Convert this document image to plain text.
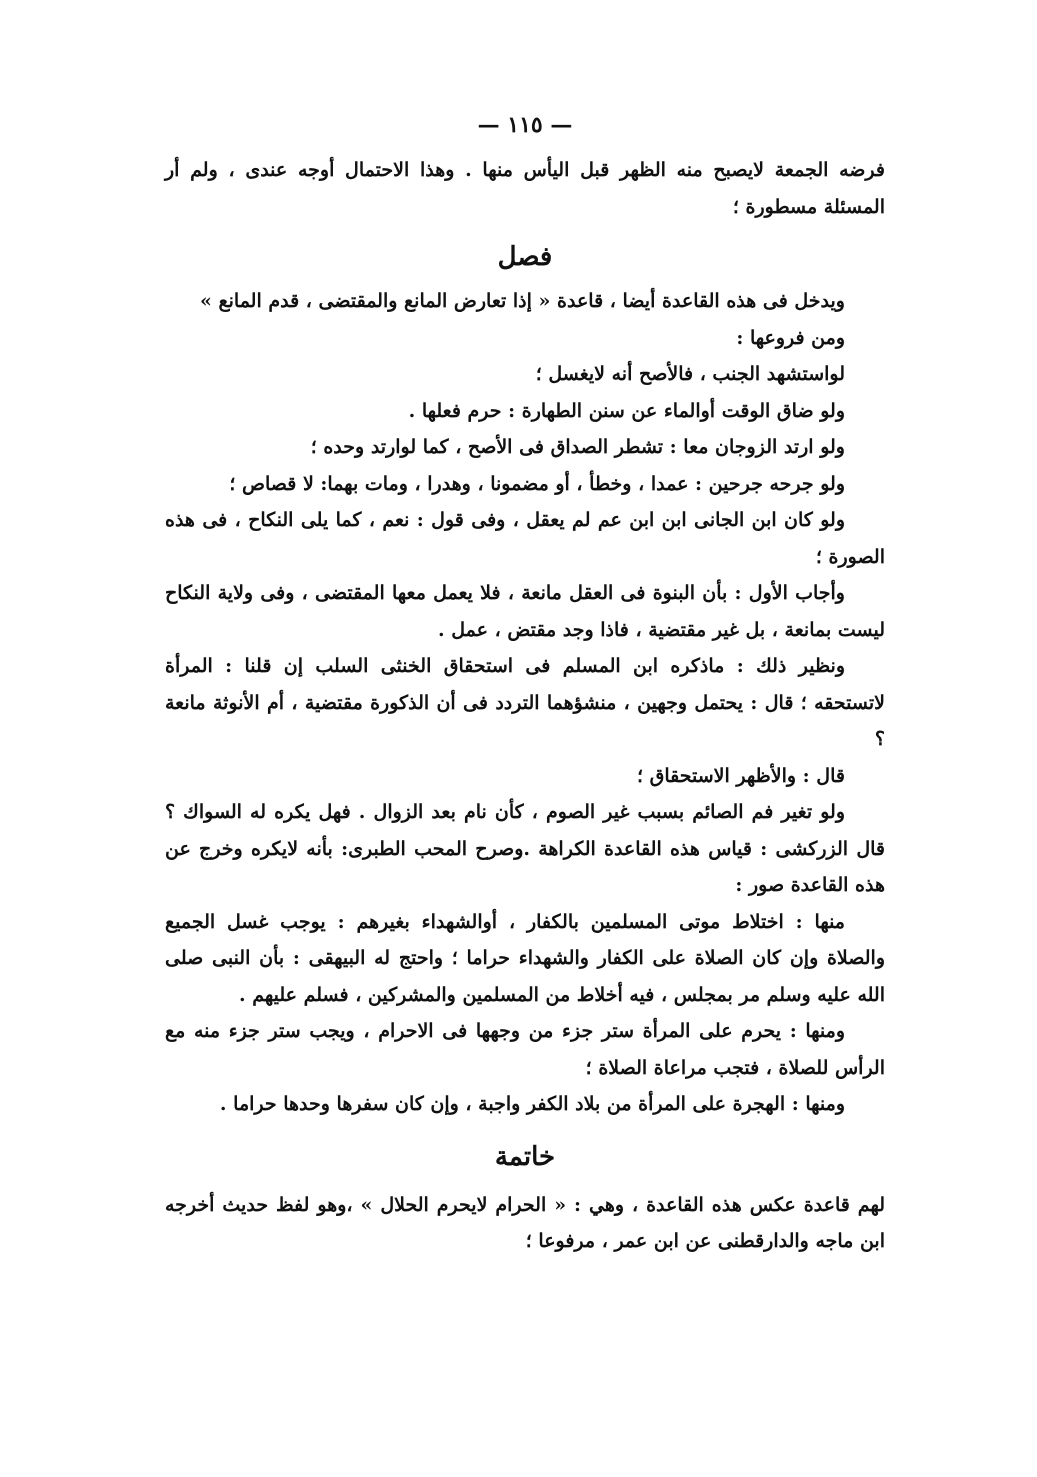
— ١١٥ —

فرضه الجمعة لايصبح منه الظهر قبل اليأس منها . وهذا الاحتمال أوجه عندى ، ولم أر المسئلة مسطورة ؛

فصل

ويدخل فى هذه القاعدة أيضا ، قاعدة « إذا تعارض المانع والمقتضى ، قدم المانع »

ومن فروعها :

لواستشهد الجنب ، فالأصح أنه لايغسل ؛

ولو ضاق الوقت أوالماء عن سنن الطهارة : حرم فعلها .

ولو ارتد الزوجان معا : تشطر الصداق فى الأصح ، كما لوارتد وحده ؛

ولو جرحه جرحين : عمدا ، وخطأ ، أو مضمونا ، وهدرا ، ومات بهما: لا قصاص ؛

ولو كان ابن الجانى ابن ابن عم لم يعقل ، وفى قول : نعم ، كما يلى النكاح ، فى هذه الصورة ؛

وأجاب الأول : بأن البنوة فى العقل مانعة ، فلا يعمل معها المقتضى ، وفى ولاية النكاح ليست بمانعة ، بل غير مقتضية ، فاذا وجد مقتض ، عمل .

ونظير ذلك : ماذكره ابن المسلم فى استحقاق الخنثى السلب إن قلنا : المرأة لاتستحقه ؛ قال : يحتمل وجهين ، منشؤهما التردد فى أن الذكورة مقتضية ، أم الأنوثة مانعة ؟

قال : والأظهر الاستحقاق ؛

ولو تغير فم الصائم بسبب غير الصوم ، كأن نام بعد الزوال . فهل يكره له السواك ؟ قال الزركشى : قياس هذه القاعدة الكراهة .وصرح المحب الطبرى: بأنه لايكره وخرج عن هذه القاعدة صور :

منها : اختلاط موتى المسلمين بالكفار ، أوالشهداء بغيرهم : يوجب غسل الجميع والصلاة وإن كان الصلاة على الكفار والشهداء حراما ؛ واحتج له البيهقى : بأن النبى صلى الله عليه وسلم مر بمجلس ، فيه أخلاط من المسلمين والمشركين ، فسلم عليهم .

ومنها : يحرم على المرأة ستر جزء من وجهها فى الاحرام ، ويجب ستر جزء منه مع الرأس للصلاة ، فتجب مراعاة الصلاة ؛

ومنها : الهجرة على المرأة من بلاد الكفر واجبة ، وإن كان سفرها وحدها حراما .

خاتمة

لهم قاعدة عكس هذه القاعدة ، وهي : « الحرام لايحرم الحلال » ،وهو لفظ حديث أخرجه ابن ماجه والدارقطنى عن ابن عمر ، مرفوعا ؛
